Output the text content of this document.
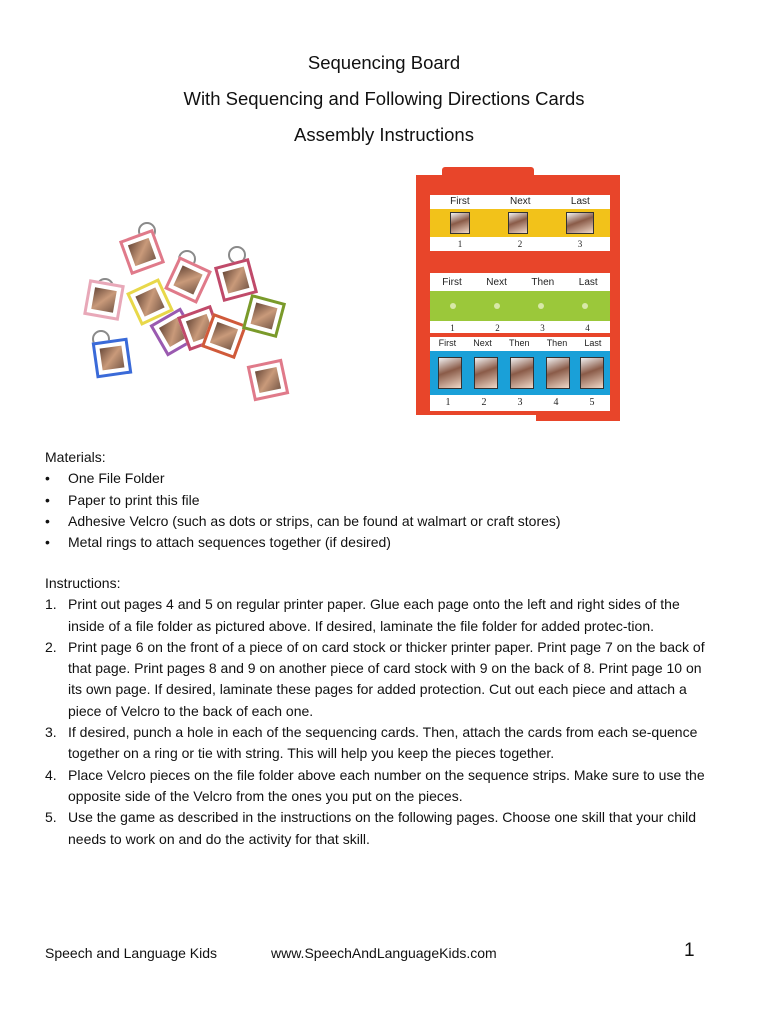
Sequencing Board
With Sequencing and Following Directions Cards
Assembly Instructions
First	Next	Last
1	2	3
First Next Then Last
1	2	3	4
First Next Then Then Last
1	2	3	4	5
Materials:
• One File Folder
• Paper to print this file
• Adhesive Velcro (such as dots or strips, can be found at walmart or craft stores)
• Metal rings to attach sequences together (if desired)
Instructions:
1. Print out pages 4 and 5 on regular printer paper. Glue each page onto the left and right sides of the inside of a file folder as pictured above. If desired, laminate the file folder for added protec-tion.
2. Print page 6 on the front of a piece of on card stock or thicker printer paper. Print page 7 on the back of that page. Print pages 8 and 9 on another piece of card stock with 9 on the back of 8. Print page 10 on its own page. If desired, laminate these pages for added protection. Cut out each piece and attach a piece of Velcro to the back of each one.
3. If desired, punch a hole in each of the sequencing cards. Then, attach the cards from each se-quence together on a ring or tie with string. This will help you keep the pieces together.
4. Place Velcro pieces on the file folder above each number on the sequence strips. Make sure to use the opposite side of the Velcro from the ones you put on the pieces.
5. Use the game as described in the instructions on the following pages. Choose one skill that your child needs to work on and do the activity for that skill.
Speech and Language Kids	www.SpeechAndLanguageKids.com	1
